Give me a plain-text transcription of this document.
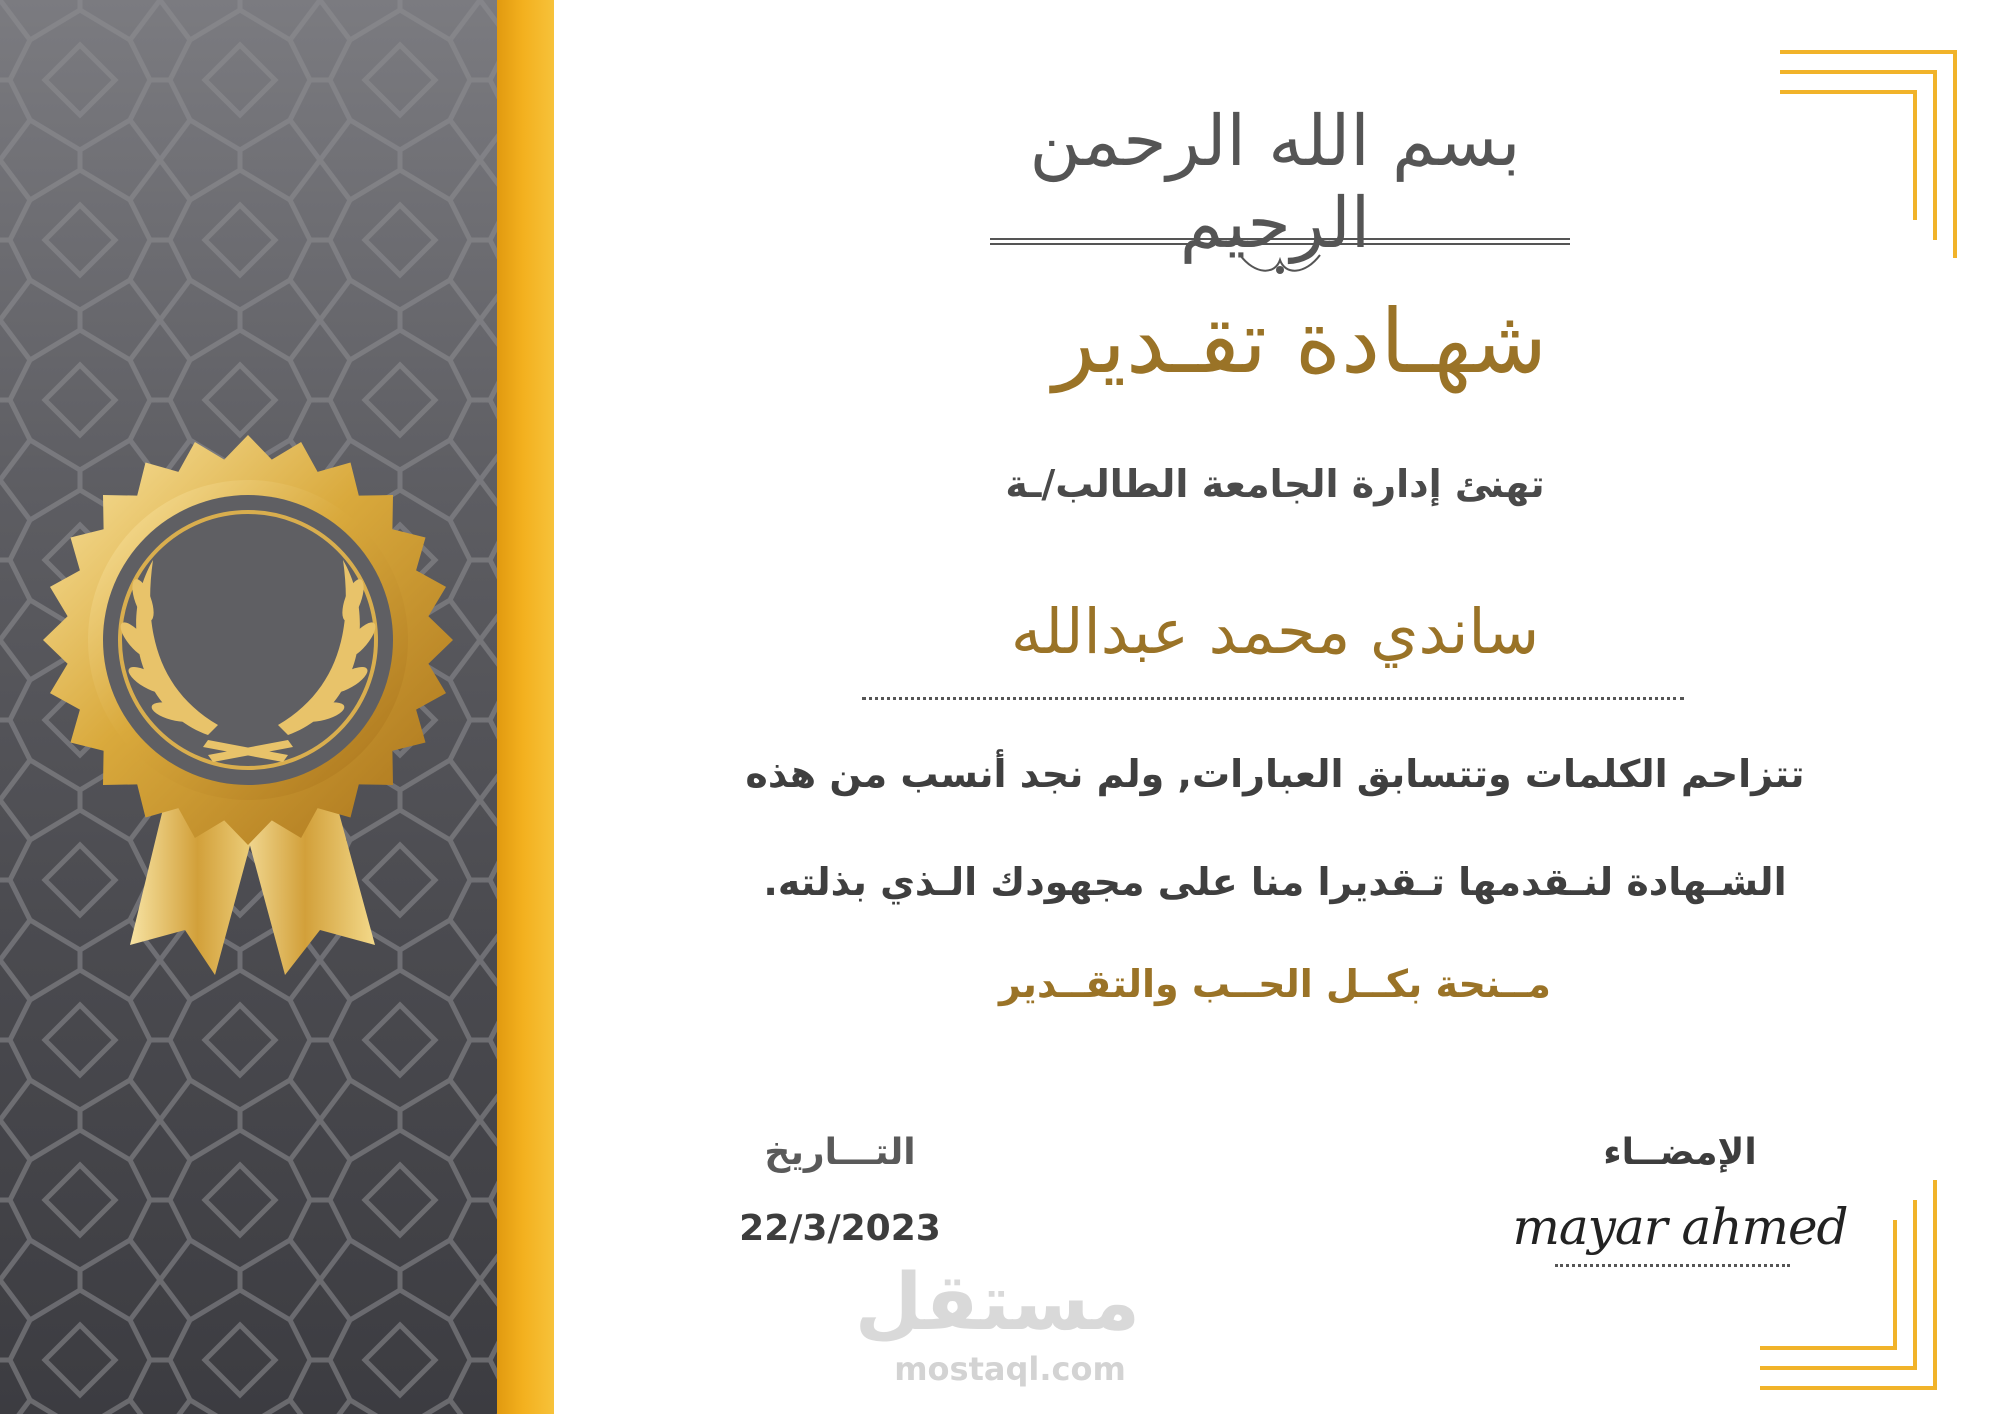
بسم الله الرحمن الرحيم
شهـادة تقـدير
تهنئ إدارة الجامعة الطالب/ـة
ساندي محمد عبدالله
تتزاحم الكلمات وتتسابق العبارات, ولم نجد أنسب من هذه
الشـهادة لنـقدمها تـقديرا منا على مجهودك الـذي بذلته.
مــنحة بكــل الحــب والتقــدير
التـــاريخ
22/3/2023
الإمضــاء
mayar ahmed
مستقل
mostaql.com
